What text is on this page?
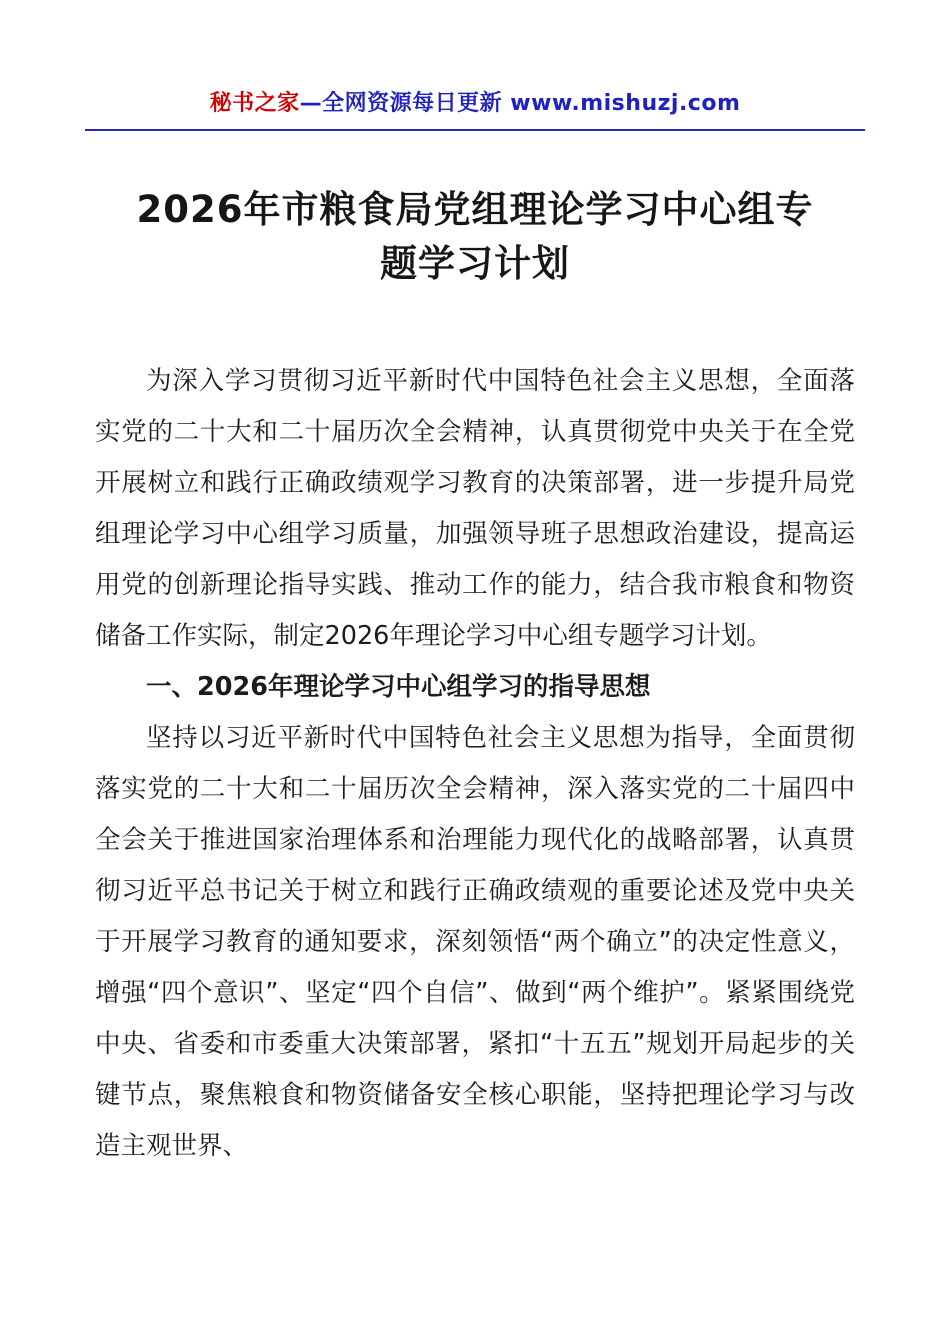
秘书之家—全网资源每日更新 www.mishuzj.com
2026年市粮食局党组理论学习中心组专题学习计划

为深入学习贯彻习近平新时代中国特色社会主义思想，全面落实党的二十大和二十届历次全会精神，认真贯彻党中央关于在全党开展树立和践行正确政绩观学习教育的决策部署，进一步提升局党组理论学习中心组学习质量，加强领导班子思想政治建设，提高运用党的创新理论指导实践、推动工作的能力，结合我市粮食和物资储备工作实际，制定2026年理论学习中心组专题学习计划。

一、2026年理论学习中心组学习的指导思想

坚持以习近平新时代中国特色社会主义思想为指导，全面贯彻落实党的二十大和二十届历次全会精神，深入落实党的二十届四中全会关于推进国家治理体系和治理能力现代化的战略部署，认真贯彻习近平总书记关于树立和践行正确政绩观的重要论述及党中央关于开展学习教育的通知要求，深刻领悟“两个确立”的决定性意义，增强“四个意识”、坚定“四个自信”、做到“两个维护”。紧紧围绕党中央、省委和市委重大决策部署，紧扣“十五五”规划开局起步的关键节点，聚焦粮食和物资储备安全核心职能，坚持把理论学习与改造主观世界、
